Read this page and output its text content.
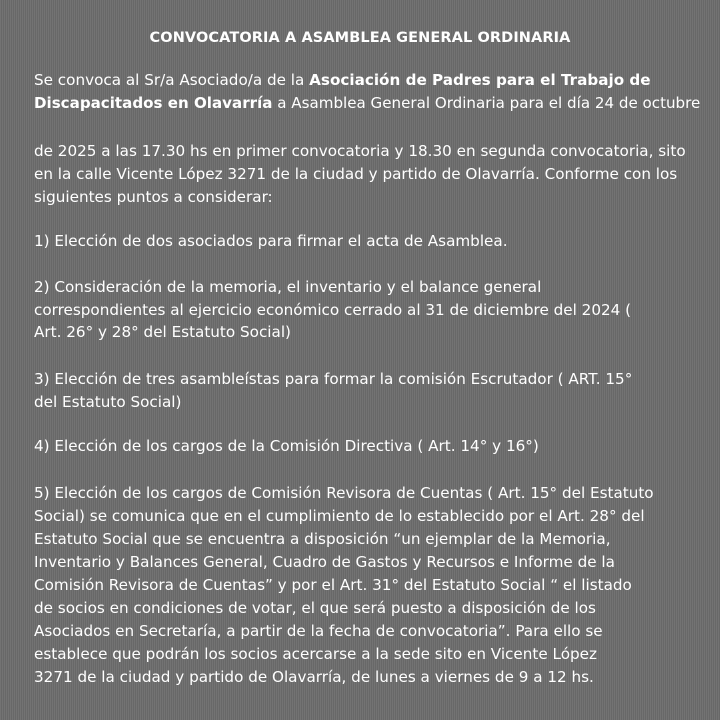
CONVOCATORIA A ASAMBLEA GENERAL ORDINARIA
Se convoca al Sr/a Asociado/a de la Asociación de Padres para el Trabajo de
Discapacitados en Olavarría a Asamblea General Ordinaria para el día 24 de octubre
de 2025 a las 17.30 hs en primer convocatoria y 18.30 en segunda convocatoria, sito
en la calle Vicente López 3271 de la ciudad y partido de Olavarría. Conforme con los
siguientes puntos a considerar:
1) Elección de dos asociados para firmar el acta de Asamblea.
2) Consideración de la memoria, el inventario y el balance general
correspondientes al ejercicio económico cerrado al 31 de diciembre del 2024 (
Art. 26° y 28° del Estatuto Social)
3) Elección de tres asambleístas para formar la comisión Escrutador ( ART. 15°
del Estatuto Social)
4) Elección de los cargos de la Comisión Directiva ( Art. 14° y 16°)
5) Elección de los cargos de Comisión Revisora de Cuentas ( Art. 15° del Estatuto
Social) se comunica que en el cumplimiento de lo establecido por el Art. 28° del
Estatuto Social que se encuentra a disposición “un ejemplar de la Memoria,
Inventario y Balances General, Cuadro de Gastos y Recursos e Informe de la
Comisión Revisora de Cuentas” y por el Art. 31° del Estatuto Social “ el listado
de socios en condiciones de votar, el que será puesto a disposición de los
Asociados en Secretaría, a partir de la fecha de convocatoria”. Para ello se
establece que podrán los socios acercarse a la sede sito en Vicente López
3271 de la ciudad y partido de Olavarría, de lunes a viernes de 9 a 12 hs.
